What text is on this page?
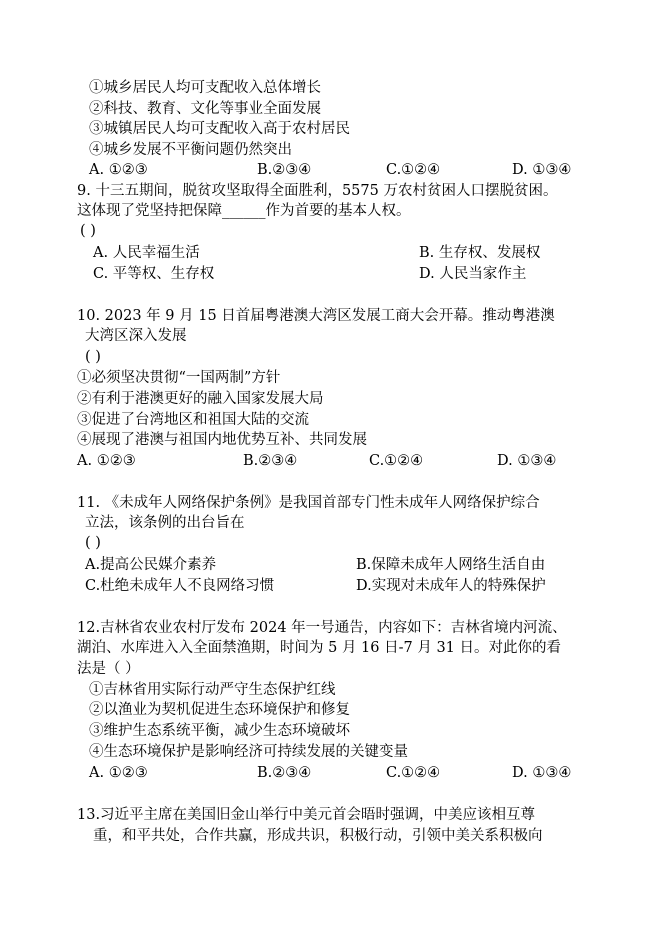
①城乡居民人均可支配收入总体增长
②科技、教育、文化等事业全面发展
③城镇居民人均可支配收入高于农村居民
④城乡发展不平衡问题仍然突出
A. ①②③	B.②③④	C.①②④	D. ①③④
9. 十三五期间，脱贫攻坚取得全面胜利，5575 万农村贫困人口摆脱贫困。
这体现了党坚持把保障______作为首要的基本人权。
( )
A. 人民幸福生活	B. 生存权、发展权
C. 平等权、生存权	D. 人民当家作主
10. 2023 年 9 月 15 日首届粤港澳大湾区发展工商大会开幕。推动粤港澳
大湾区深入发展
( )
①必须坚决贯彻“一国两制”方针
②有利于港澳更好的融入国家发展大局
③促进了台湾地区和祖国大陆的交流
④展现了港澳与祖国内地优势互补、共同发展
A. ①②③	B.②③④	C.①②④	D. ①③④
11. 《未成年人网络保护条例》是我国首部专门性未成年人网络保护综合
立法，该条例的出台旨在
( )
A.提高公民媒介素养	B.保障未成年人网络生活自由
C.杜绝未成年人不良网络习惯	D.实现对未成年人的特殊保护
12.吉林省农业农村厅发布 2024 年一号通告，内容如下：吉林省境内河流、
湖泊、水库进入入全面禁渔期，时间为 5 月 16 日-7 月 31 日。对此你的看
法是（ ）
①吉林省用实际行动严守生态保护红线
②以渔业为契机促进生态环境保护和修复
③维护生态系统平衡，减少生态环境破坏
④生态环境保护是影响经济可持续发展的关键变量
A. ①②③	B.②③④	C.①②④	D. ①③④
13.习近平主席在美国旧金山举行中美元首会晤时强调，中美应该相互尊
重，和平共处，合作共赢，形成共识，积极行动，引领中美关系积极向
